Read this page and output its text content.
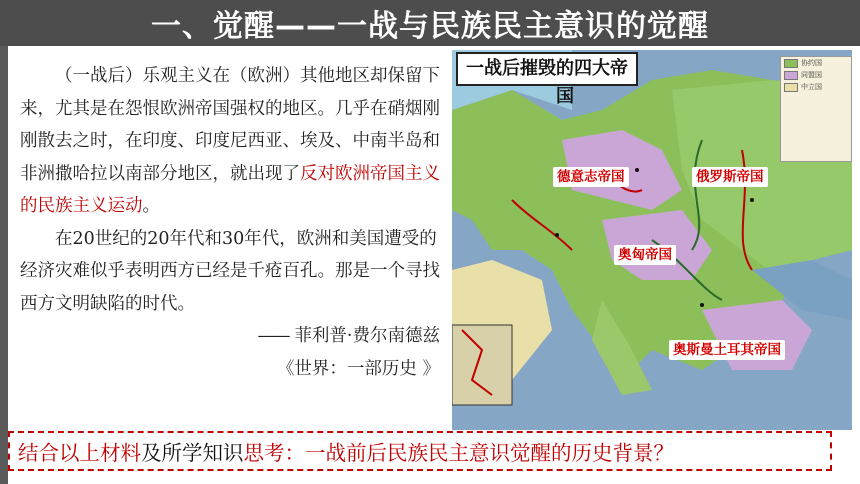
一、觉醒——一战与民族民主意识的觉醒

（一战后）乐观主义在（欧洲）其他地区却保留下来，尤其是在怨恨欧洲帝国强权的地区。几乎在硝烟刚刚散去之时，在印度、印度尼西亚、埃及、中南半岛和非洲撒哈拉以南部分地区，就出现了反对欧洲帝国主义的民族主义运动。

在20世纪的20年代和30年代，欧洲和美国遭受的经济灾难似乎表明西方已经是千疮百孔。那是一个寻找西方文明缺陷的时代。

—— 菲利普·费尔南德兹

《世界：一部历史 》

一战后摧毁的四大帝
国
协约国
同盟国
中立国
德意志帝国	俄罗斯帝国
奥匈帝国
奥斯曼土耳其帝国
结合以上材料 及所学知识 思考：一战前后民族民主意识觉醒的历史背景？
